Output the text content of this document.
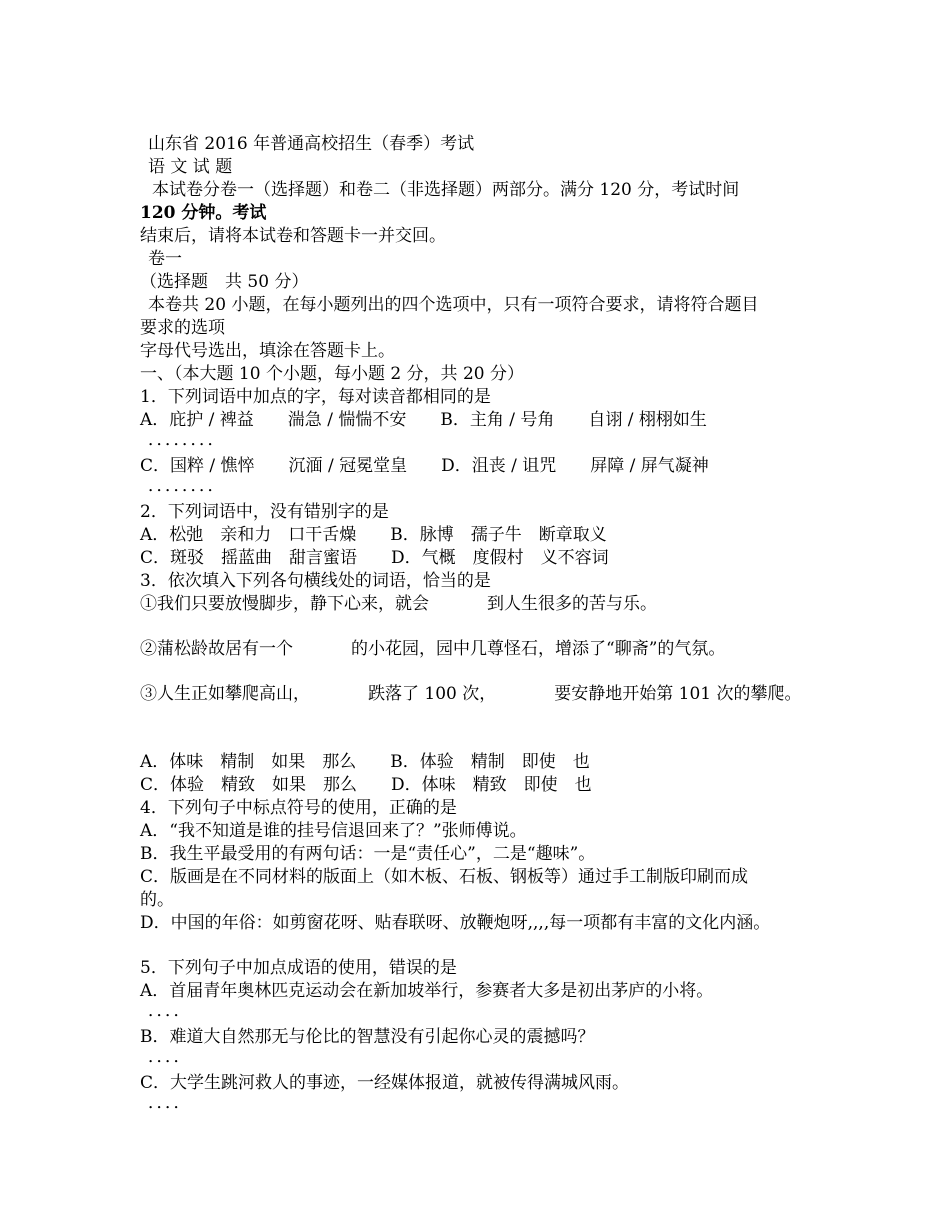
山东省 2016 年普通高校招生（春季）考试
语 文 试 题
本试卷分卷一（选择题）和卷二（非选择题）两部分。满分 120 分，考试时间
120 分钟。考试
结束后，请将本试卷和答题卡一并交回。
卷一
（选择题　共 50 分）
本卷共 20 小题，在每小题列出的四个选项中，只有一项符合要求，请将符合题目
要求的选项
字母代号选出，填涂在答题卡上。
一、（本大题 10 个小题，每小题 2 分，共 20 分）
1．下列词语中加点的字，每对读音都相同的是
A．庇护 / 裨益　　湍急 / 惴惴不安　　B．主角 / 号角　　自诩 / 栩栩如生
．．．．．．．．
C．国粹 / 憔悴　　沉湎 / 冠冕堂皇　　D．沮丧 / 诅咒　　屏障 / 屏气凝神
．．．．．．．．
2．下列词语中，没有错别字的是
A．松弛　亲和力　口干舌燥　　B．脉博　孺子牛　断章取义
C．斑驳　摇蓝曲　甜言蜜语　　D．气概　度假村　义不容词
3．依次填入下列各句横线处的词语，恰当的是
①我们只要放慢脚步，静下心来，就会	到人生很多的苦与乐。
②蒲松龄故居有一个	的小花园，园中几尊怪石，增添了“聊斋”的气氛。
③人生正如攀爬高山，	跌落了 100 次，	要安静地开始第 101 次的攀爬。
A．体味　精制　如果　那么　　B．体验　精制　即使　也
C．体验　精致　如果　那么　　D．体味　精致　即使　也
4．下列句子中标点符号的使用，正确的是
A．“我不知道是谁的挂号信退回来了？”张师傅说。
B．我生平最受用的有两句话：一是“责任心”，二是“趣味”。
C．版画是在不同材料的版面上（如木板、石板、钢板等）通过手工制版印刷而成
的。
D．中国的年俗：如剪窗花呀、贴春联呀、放鞭炮呀,,,,每一项都有丰富的文化内涵。
5．下列句子中加点成语的使用，错误的是
A．首届青年奥林匹克运动会在新加坡举行，参赛者大多是初出茅庐的小将。
．．．．
B．难道大自然那无与伦比的智慧没有引起你心灵的震撼吗？
．．．．
C．大学生跳河救人的事迹，一经媒体报道，就被传得满城风雨。
．．．．
